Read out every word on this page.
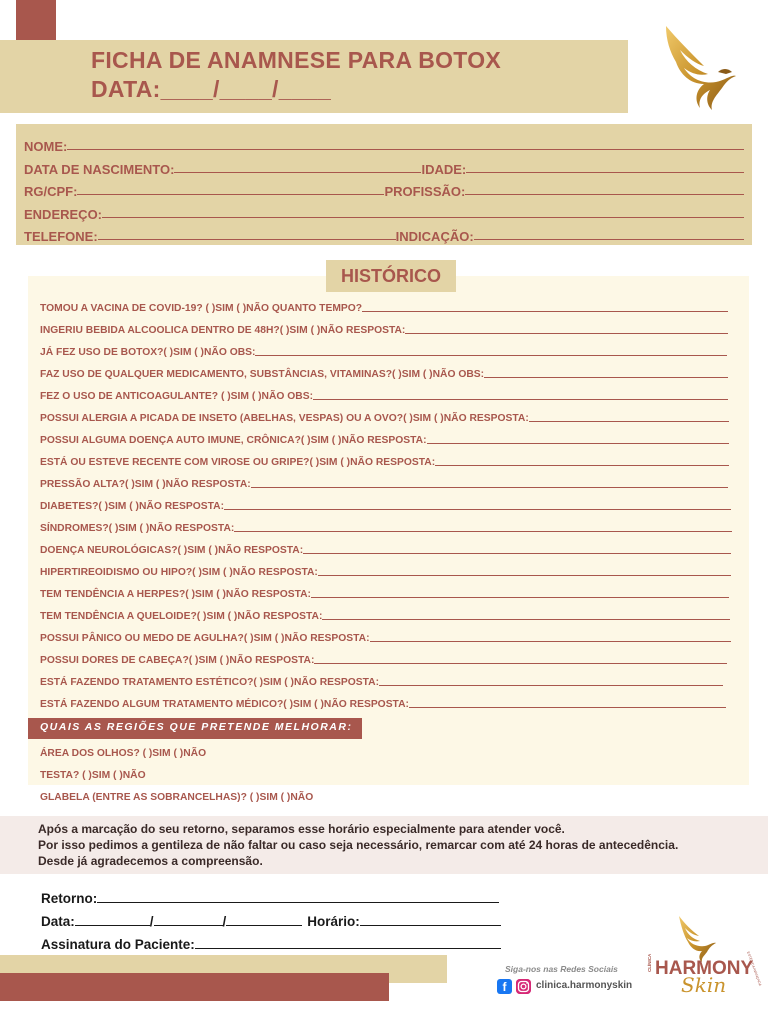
FICHA DE ANAMNESE PARA BOTOX
DATA:____/____/____
NOME:
DATA DE NASCIMENTO:	IDADE:
RG/CPF:	PROFISSÃO:
ENDEREÇO:
TELEFONE:	INDICAÇÃO:
HISTÓRICO
TOMOU A VACINA DE COVID-19? ( )SIM ( )NÃO QUANTO TEMPO?
INGERIU BEBIDA ALCOOLICA DENTRO DE 48H?( )SIM ( )NÃO RESPOSTA:
JÁ FEZ USO DE BOTOX?( )SIM ( )NÃO OBS:
FAZ USO DE QUALQUER MEDICAMENTO, SUBSTÂNCIAS, VITAMINAS?( )SIM ( )NÃO OBS:
FEZ O USO DE ANTICOAGULANTE? ( )SIM ( )NÃO OBS:
POSSUI ALERGIA A PICADA DE INSETO (ABELHAS, VESPAS) OU A OVO?( )SIM ( )NÃO RESPOSTA:
POSSUI ALGUMA DOENÇA AUTO IMUNE, CRÔNICA?( )SIM ( )NÃO RESPOSTA:
ESTÁ OU ESTEVE RECENTE COM VIROSE OU GRIPE?( )SIM ( )NÃO RESPOSTA:
PRESSÃO ALTA?( )SIM ( )NÃO RESPOSTA:
DIABETES?( )SIM ( )NÃO RESPOSTA:
SÍNDROMES?( )SIM ( )NÃO RESPOSTA:
DOENÇA NEUROLÓGICAS?( )SIM ( )NÃO RESPOSTA:
HIPERTIREOIDISMO OU HIPO?( )SIM ( )NÃO RESPOSTA:
TEM TENDÊNCIA A HERPES?( )SIM ( )NÃO RESPOSTA:
TEM TENDÊNCIA A QUELOIDE?( )SIM ( )NÃO RESPOSTA:
POSSUI PÂNICO OU MEDO DE AGULHA?( )SIM ( )NÃO RESPOSTA:
POSSUI DORES DE CABEÇA?( )SIM ( )NÃO RESPOSTA:
ESTÁ FAZENDO TRATAMENTO ESTÉTICO?( )SIM ( )NÃO RESPOSTA:
ESTÁ FAZENDO ALGUM TRATAMENTO MÉDICO?( )SIM ( )NÃO RESPOSTA:
QUAIS AS REGIÕES QUE PRETENDE MELHORAR:
ÁREA DOS OLHOS? ( )SIM ( )NÃO
TESTA? ( )SIM ( )NÃO
GLABELA (ENTRE AS SOBRANCELHAS)? ( )SIM ( )NÃO
Após a marcação do seu retorno, separamos esse horário especialmente para atender você.
Por isso pedimos a gentileza de não faltar ou caso seja necessário, remarcar com até 24 horas de antecedência.
Desde já agradecemos a compreensão.
Retorno:
Data:	/	/	Horário:
Assinatura do Paciente:
Siga-nos nas Redes Sociais
f	clinica.harmonyskin
CLÍNICA HARMONY
Skin	ESTÉTICA AVANÇADA
